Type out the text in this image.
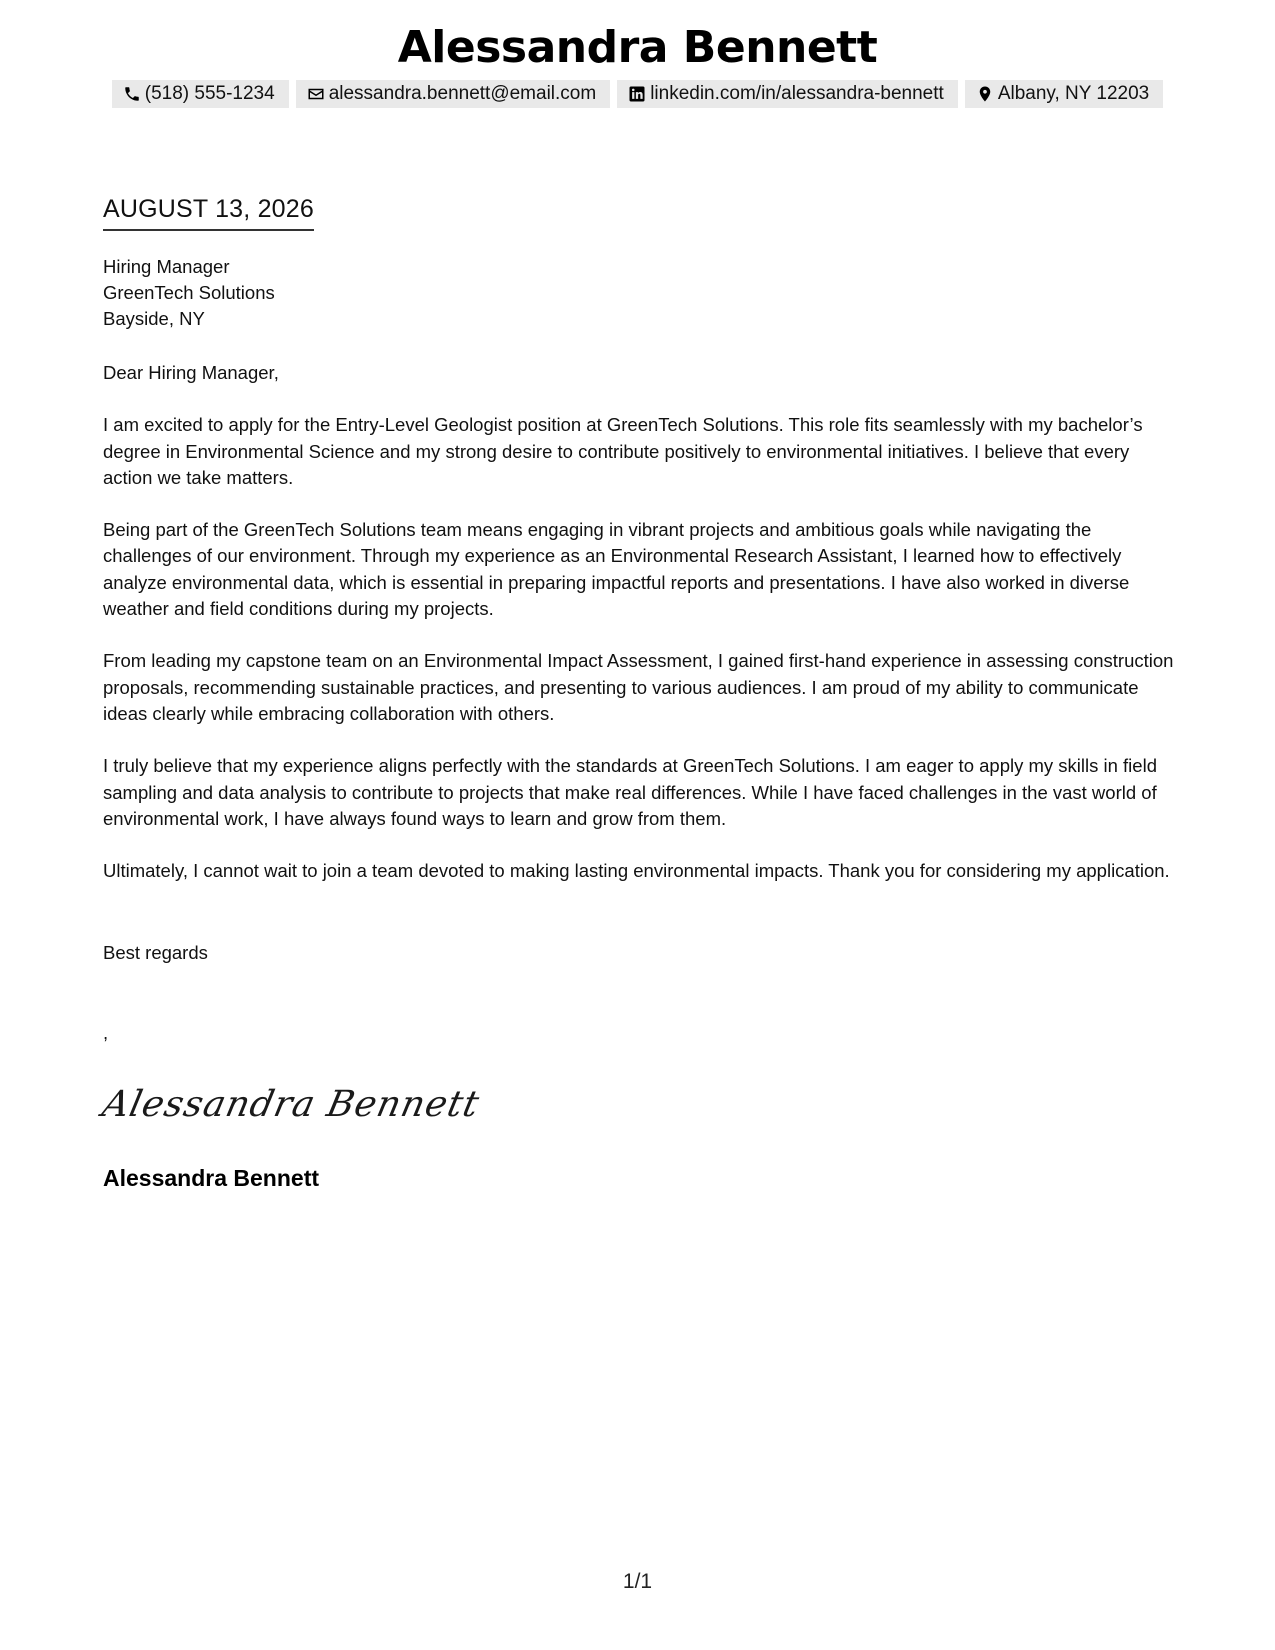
Alessandra Bennett
(518) 555-1234	alessandra.bennett@email.com	linkedin.com/in/alessandra-bennett	Albany, NY 12203
AUGUST 13, 2026
Hiring Manager
GreenTech Solutions
Bayside, NY
Dear Hiring Manager,

I am excited to apply for the Entry-Level Geologist position at GreenTech Solutions. This role fits seamlessly with my bachelor’s degree in Environmental Science and my strong desire to contribute positively to environmental initiatives. I believe that every action we take matters.

Being part of the GreenTech Solutions team means engaging in vibrant projects and ambitious goals while navigating the challenges of our environment. Through my experience as an Environmental Research Assistant, I learned how to effectively analyze environmental data, which is essential in preparing impactful reports and presentations. I have also worked in diverse weather and field conditions during my projects.

From leading my capstone team on an Environmental Impact Assessment, I gained first-hand experience in assessing construction proposals, recommending sustainable practices, and presenting to various audiences. I am proud of my ability to communicate ideas clearly while embracing collaboration with others.

I truly believe that my experience aligns perfectly with the standards at GreenTech Solutions. I am eager to apply my skills in field sampling and data analysis to contribute to projects that make real differences. While I have faced challenges in the vast world of environmental work, I have always found ways to learn and grow from them.

Ultimately, I cannot wait to join a team devoted to making lasting environmental impacts. Thank you for considering my application.

Best regards
,
Alessandra Bennett
Alessandra Bennett
1/1
